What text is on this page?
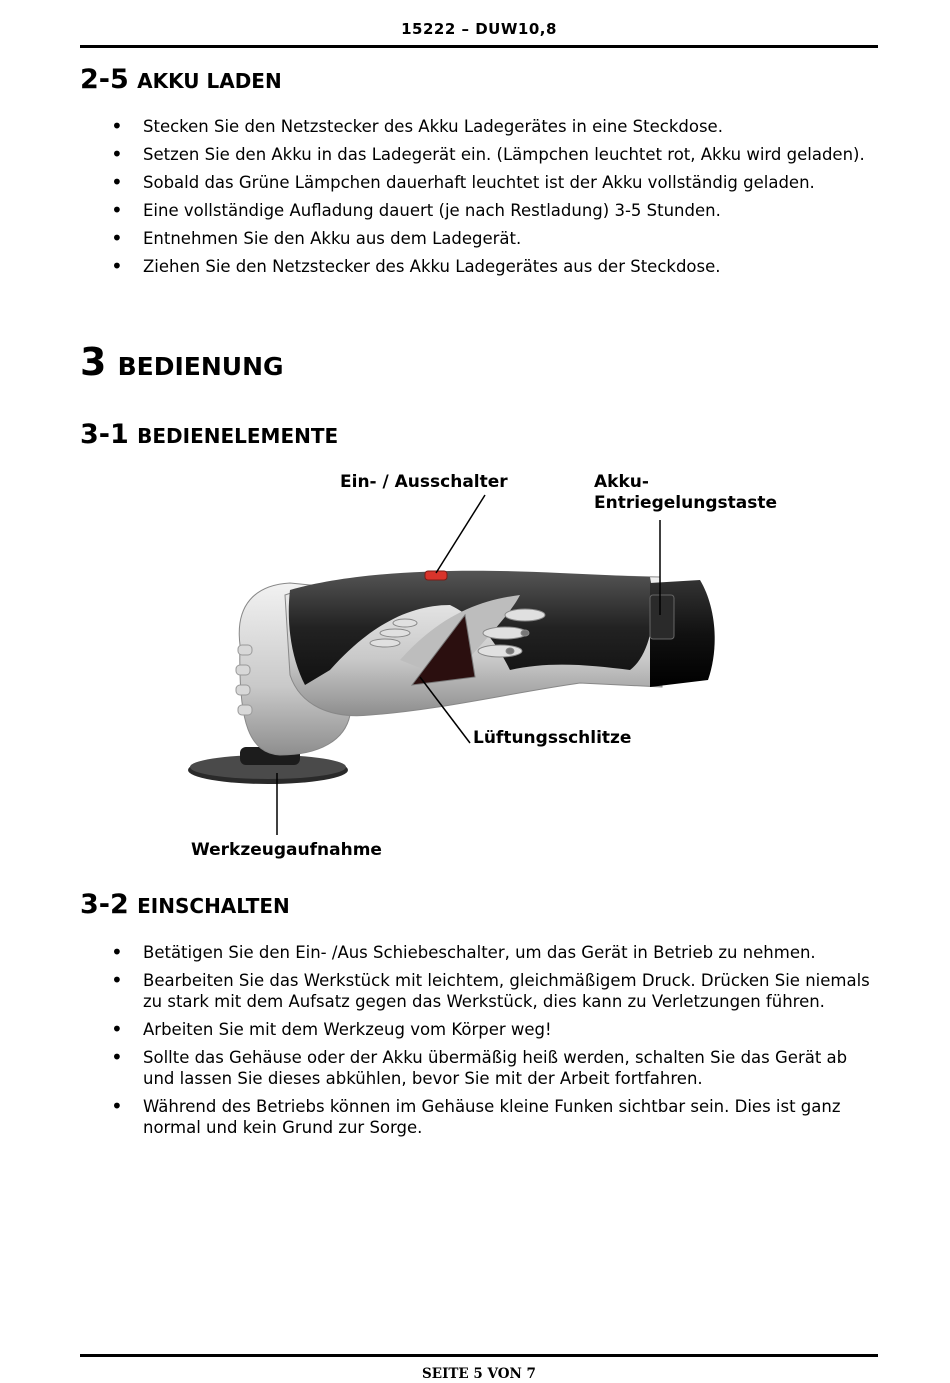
15222 – DUW10,8
2-5 AKKU LADEN
• Stecken Sie den Netzstecker des Akku Ladegerätes in eine Steckdose.
• Setzen Sie den Akku in das Ladegerät ein. (Lämpchen leuchtet rot, Akku wird geladen).
• Sobald das Grüne Lämpchen dauerhaft leuchtet ist der Akku vollständig geladen.
• Eine vollständige Aufladung dauert (je nach Restladung) 3-5 Stunden.
• Entnehmen Sie den Akku aus dem Ladegerät.
• Ziehen Sie den Netzstecker des Akku Ladegerätes aus der Steckdose.
3 BEDIENUNG
3-1 BEDIENELEMENTE
Ein- / Ausschalter	Akku-
Entriegelungstaste
Lüftungsschlitze
Werkzeugaufnahme
3-2 EINSCHALTEN
• Betätigen Sie den Ein- /Aus Schiebeschalter, um das Gerät in Betrieb zu nehmen.
• Bearbeiten Sie das Werkstück mit leichtem, gleichmäßigem Druck. Drücken Sie niemals zu stark mit dem Aufsatz gegen das Werkstück, dies kann zu Verletzungen führen.
• Arbeiten Sie mit dem Werkzeug vom Körper weg!
• Sollte das Gehäuse oder der Akku übermäßig heiß werden, schalten Sie das Gerät ab und lassen Sie dieses abkühlen, bevor Sie mit der Arbeit fortfahren.
• Während des Betriebs können im Gehäuse kleine Funken sichtbar sein. Dies ist ganz normal und kein Grund zur Sorge.
SEITE 5 VON 7
